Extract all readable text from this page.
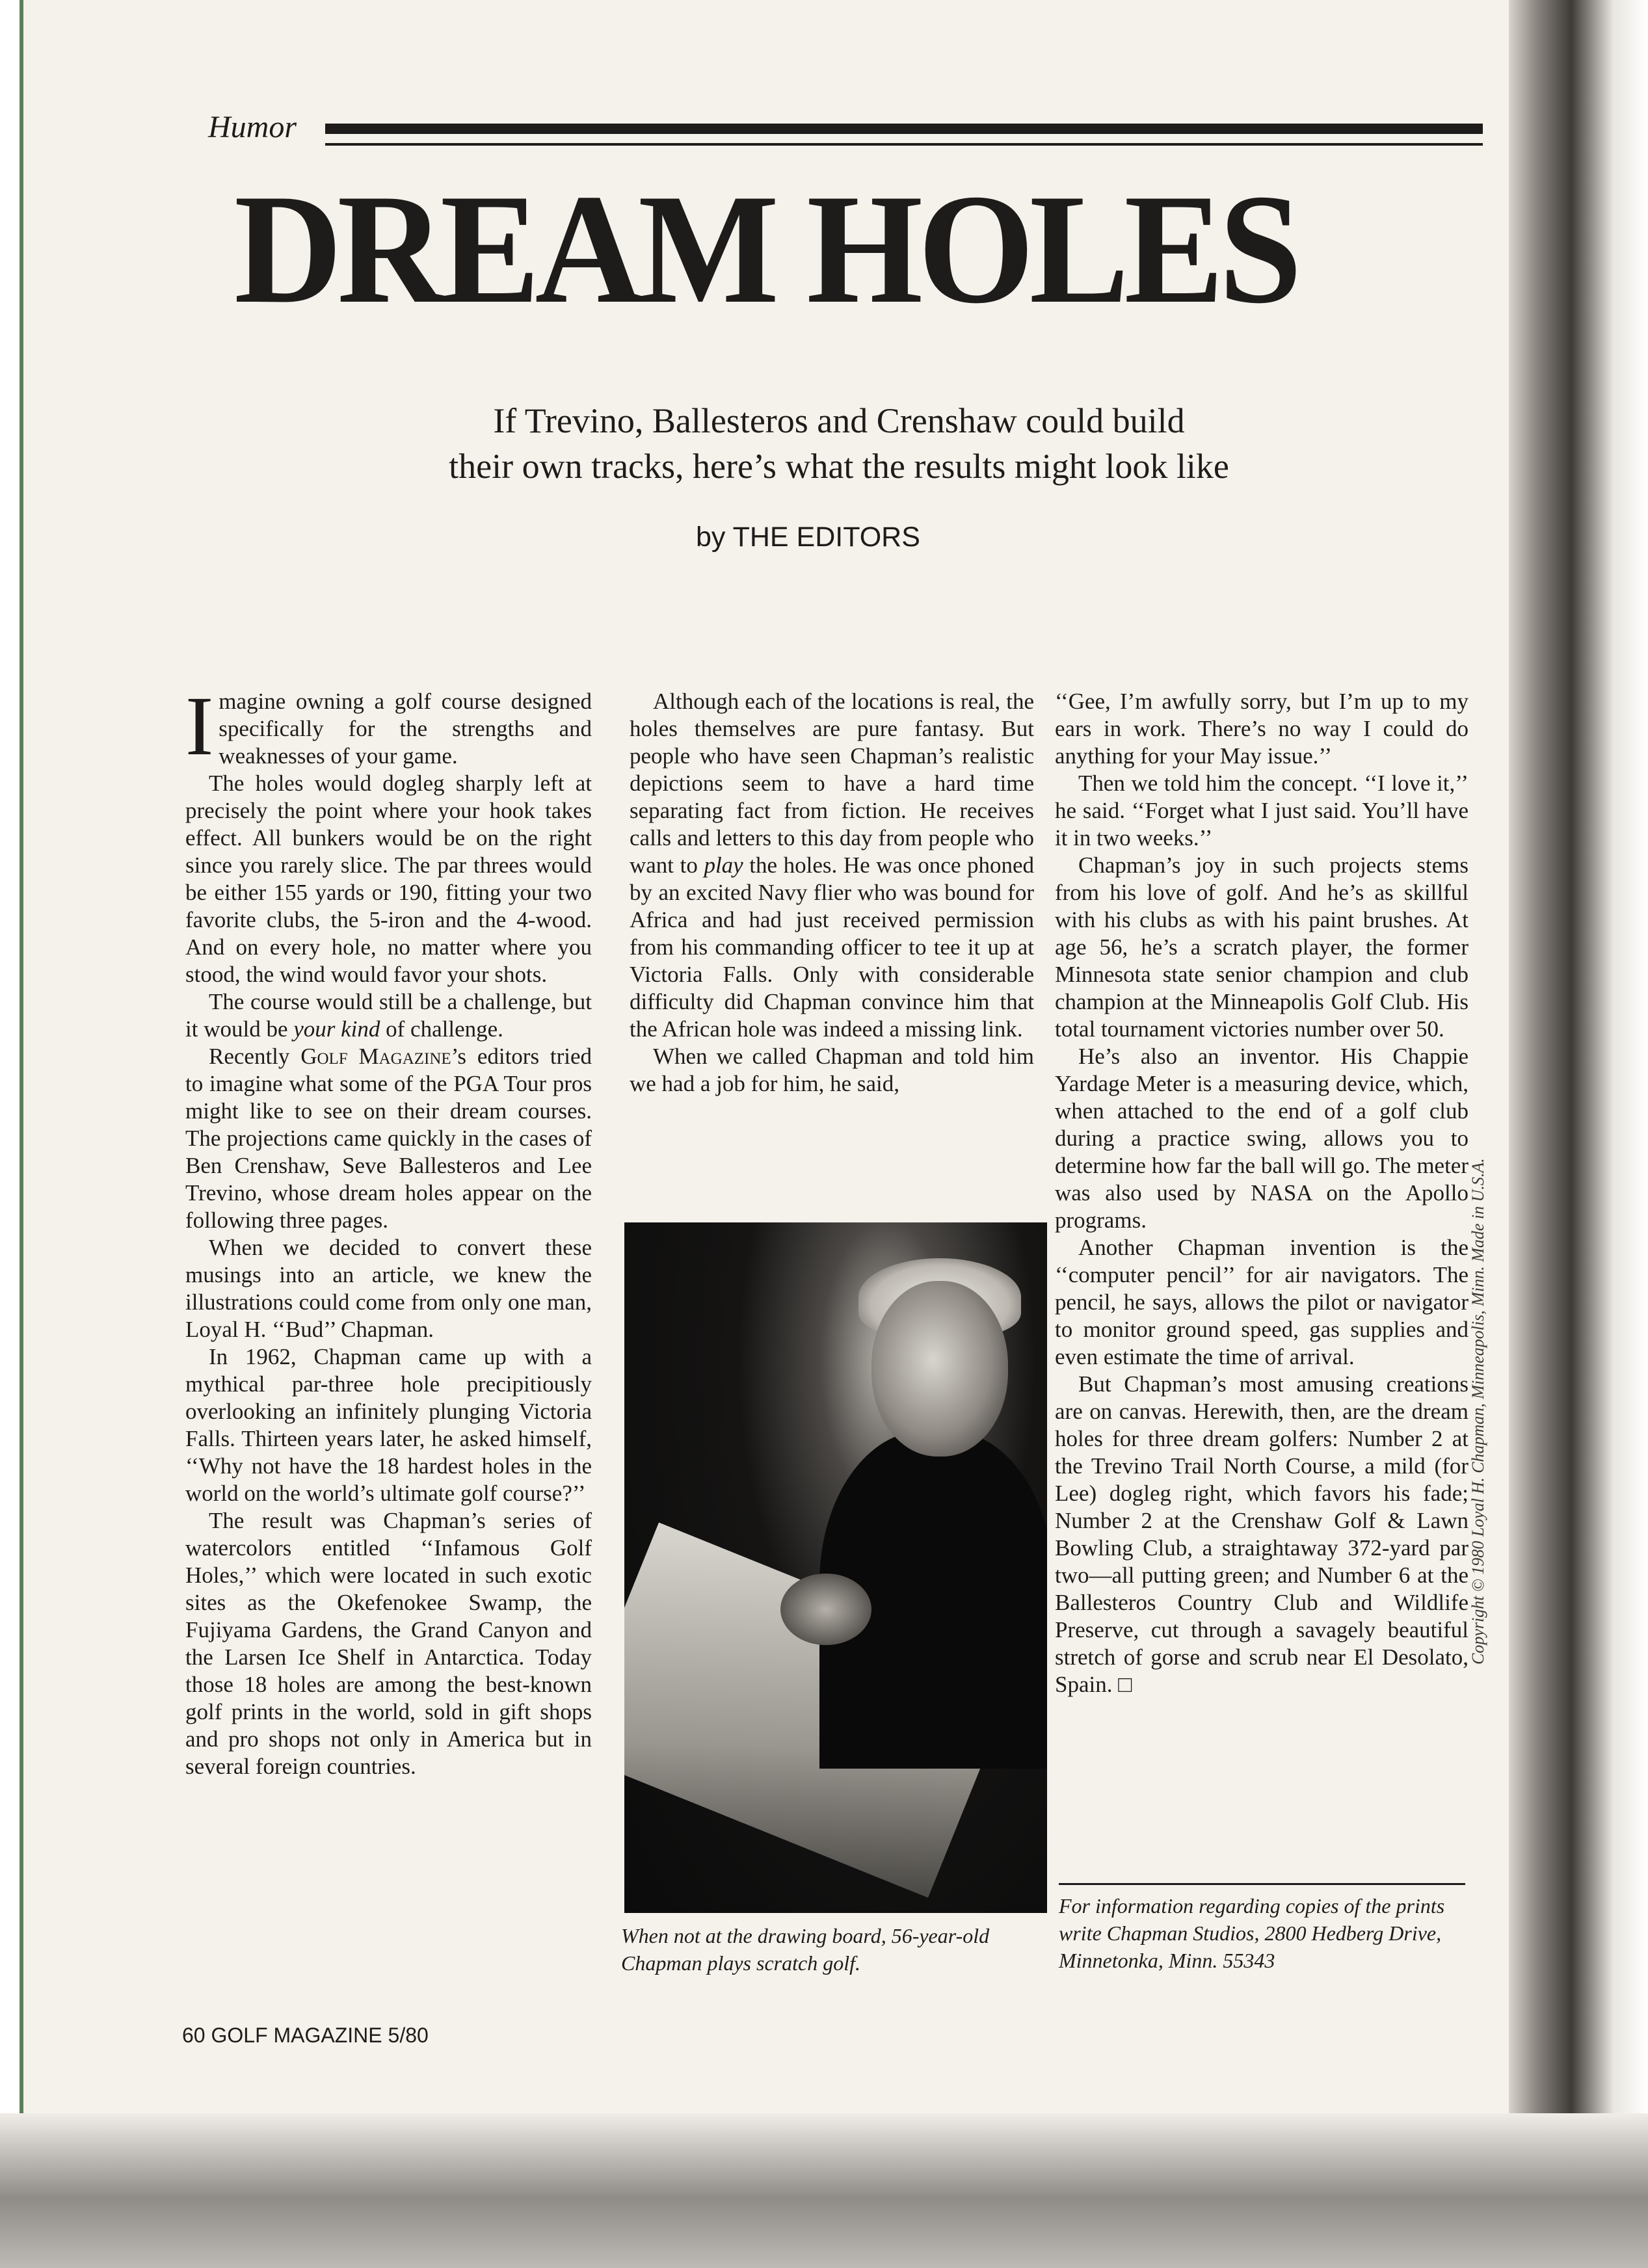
Humor
DREAM HOLES
If Trevino, Ballesteros and Crenshaw could build
their own tracks, here’s what the results might look like
by THE EDITORS

Imagine owning a golf course designed specifically for the strengths and weaknesses of your game.

The holes would dogleg sharply left at precisely the point where your hook takes effect. All bunkers would be on the right since you rarely slice. The par threes would be either 155 yards or 190, fitting your two favorite clubs, the 5-iron and the 4-wood. And on every hole, no matter where you stood, the wind would favor your shots.

The course would still be a challenge, but it would be your kind of challenge.

Recently Golf Magazine’s editors tried to imagine what some of the PGA Tour pros might like to see on their dream courses. The projections came quickly in the cases of Ben Crenshaw, Seve Ballesteros and Lee Trevino, whose dream holes appear on the following three pages.

When we decided to convert these musings into an article, we knew the illustrations could come from only one man, Loyal H. ‘‘Bud’’ Chapman.

In 1962, Chapman came up with a mythical par-three hole precipitiously overlooking an infinitely plunging Victoria Falls. Thirteen years later, he asked himself, ‘‘Why not have the 18 hardest holes in the world on the world’s ultimate golf course?’’

The result was Chapman’s series of watercolors entitled ‘‘Infamous Golf Holes,’’ which were located in such exotic sites as the Okefenokee Swamp, the Fujiyama Gardens, the Grand Canyon and the Larsen Ice Shelf in Antarctica. Today those 18 holes are among the best-known golf prints in the world, sold in gift shops and pro shops not only in America but in several foreign countries.

Although each of the locations is real, the holes themselves are pure fantasy. But people who have seen Chapman’s realistic depictions seem to have a hard time separating fact from fiction. He receives calls and letters to this day from people who want to play the holes. He was once phoned by an excited Navy flier who was bound for Africa and had just received permission from his commanding officer to tee it up at Victoria Falls. Only with considerable difficulty did Chapman convince him that the African hole was indeed a missing link.

When we called Chapman and told him we had a job for him, he said,

When not at the drawing board, 56-year-old Chapman plays scratch golf.

‘‘Gee, I’m awfully sorry, but I’m up to my ears in work. There’s no way I could do anything for your May issue.’’

Then we told him the concept. ‘‘I love it,’’ he said. ‘‘Forget what I just said. You’ll have it in two weeks.’’

Chapman’s joy in such projects stems from his love of golf. And he’s as skillful with his clubs as with his paint brushes. At age 56, he’s a scratch player, the former Minnesota state senior champion and club champion at the Minneapolis Golf Club. His total tournament victories number over 50.

He’s also an inventor. His Chappie Yardage Meter is a measuring device, which, when attached to the end of a golf club during a practice swing, allows you to determine how far the ball will go. The meter was also used by NASA on the Apollo programs.

Another Chapman invention is the ‘‘computer pencil’’ for air navigators. The pencil, he says, allows the pilot or navigator to monitor ground speed, gas supplies and even estimate the time of arrival.

But Chapman’s most amusing creations are on canvas. Herewith, then, are the dream holes for three dream golfers: Number 2 at the Trevino Trail North Course, a mild (for Lee) dogleg right, which favors his fade; Number 2 at the Crenshaw Golf & Lawn Bowling Club, a straightaway 372-yard par two—all putting green; and Number 6 at the Ballesteros Country Club and Wildlife Preserve, cut through a savagely beautiful stretch of gorse and scrub near El Desolato, Spain. □

For information regarding copies of the prints write Chapman Studios, 2800 Hedberg Drive, Minnetonka, Minn. 55343
60 GOLF MAGAZINE 5/80
Copyright © 1980 Loyal H. Chapman, Minneapolis, Minn. Made in U.S.A.
